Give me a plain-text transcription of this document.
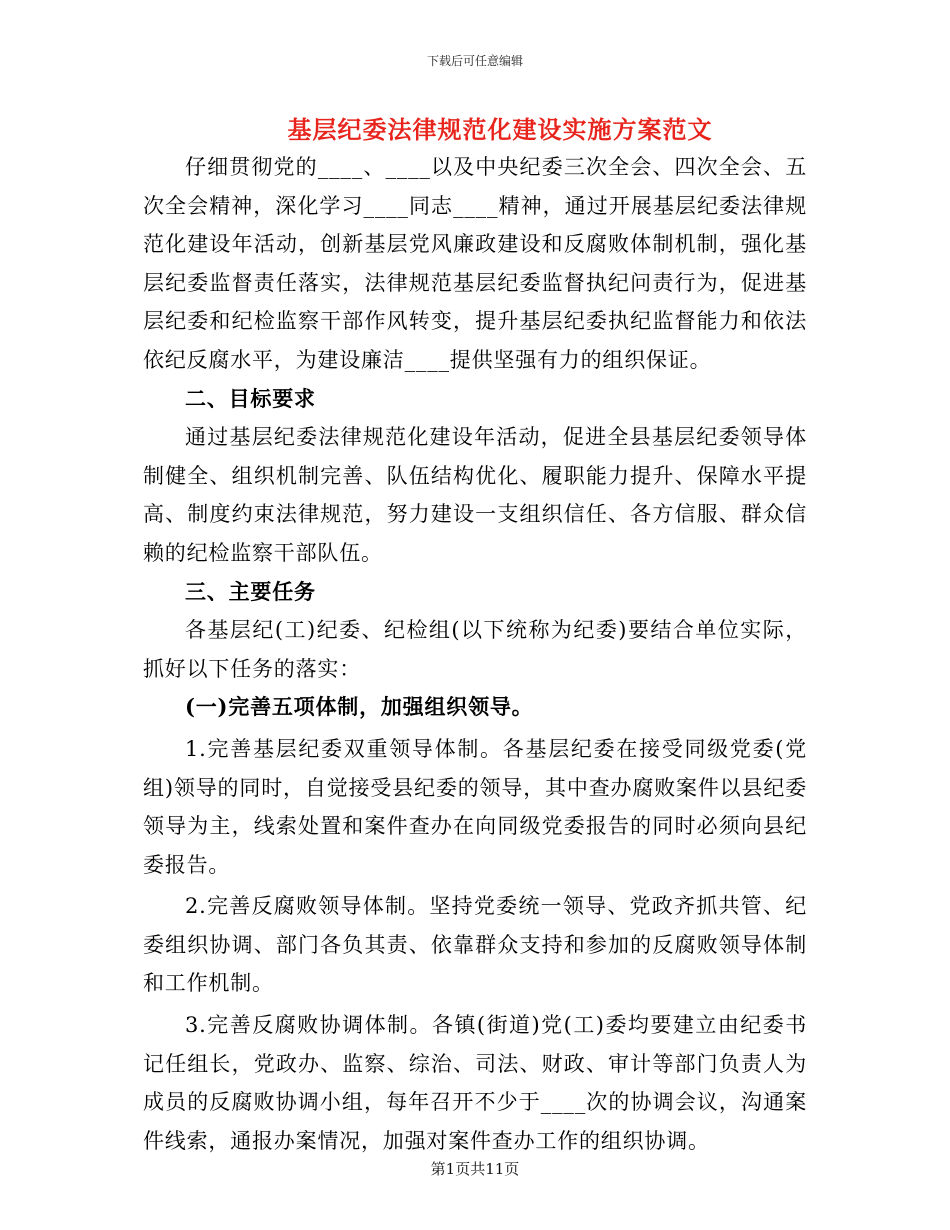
下载后可任意编辑
基层纪委法律规范化建设实施方案范文

仔细贯彻党的____、____以及中央纪委三次全会、四次全会、五次全会精神，深化学习____同志____精神，通过开展基层纪委法律规范化建设年活动，创新基层党风廉政建设和反腐败体制机制，强化基层纪委监督责任落实，法律规范基层纪委监督执纪问责行为，促进基层纪委和纪检监察干部作风转变，提升基层纪委执纪监督能力和依法依纪反腐水平，为建设廉洁____提供坚强有力的组织保证。

二、目标要求

通过基层纪委法律规范化建设年活动，促进全县基层纪委领导体制健全、组织机制完善、队伍结构优化、履职能力提升、保障水平提高、制度约束法律规范，努力建设一支组织信任、各方信服、群众信赖的纪检监察干部队伍。

三、主要任务

各基层纪(工)纪委、纪检组(以下统称为纪委)要结合单位实际，抓好以下任务的落实：

(一)完善五项体制，加强组织领导。

1.完善基层纪委双重领导体制。各基层纪委在接受同级党委(党组)领导的同时，自觉接受县纪委的领导，其中查办腐败案件以县纪委领导为主，线索处置和案件查办在向同级党委报告的同时必须向县纪委报告。

2.完善反腐败领导体制。坚持党委统一领导、党政齐抓共管、纪委组织协调、部门各负其责、依靠群众支持和参加的反腐败领导体制和工作机制。

3.完善反腐败协调体制。各镇(街道)党(工)委均要建立由纪委书记任组长，党政办、监察、综治、司法、财政、审计等部门负责人为成员的反腐败协调小组，每年召开不少于____次的协调会议，沟通案件线索，通报办案情况，加强对案件查办工作的组织协调。

第1页共11页
